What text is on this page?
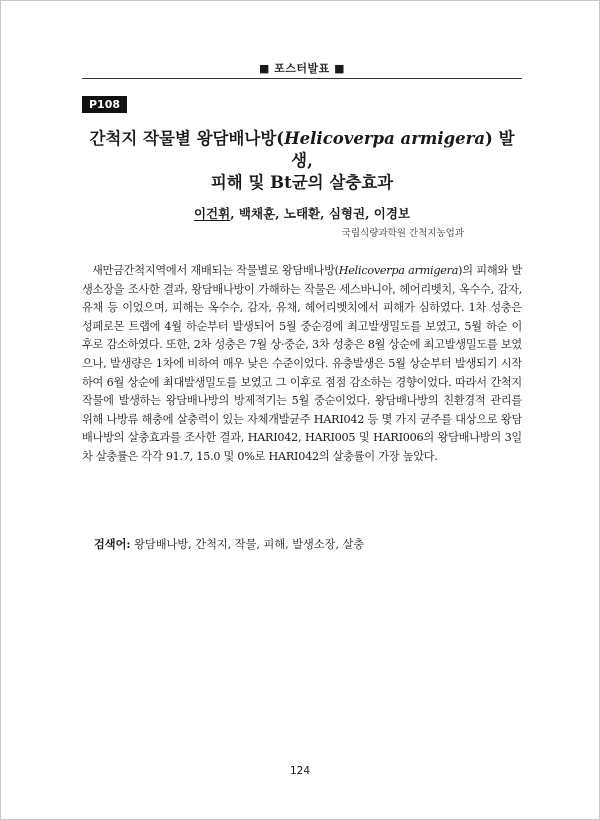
■ 포스터발표 ■
P108
간척지 작물별 왕담배나방(Helicoverpa armigera) 발생,
피해 및 Bt균의 살충효과
이건휘, 백채훈, 노태환, 심형권, 이경보
국립식량과학원 간척지농업과

새만금간척지역에서 재배되는 작물별로 왕담배나방(Helicoverpa armigera)의 피해와 발생소장을 조사한 결과, 왕담배나방이 가해하는 작물은 세스바니아, 헤어리벳치, 옥수수, 감자, 유채 등 이었으며, 피해는 옥수수, 감자, 유채, 헤어리벳치에서 피해가 심하였다. 1차 성충은 성페로몬 트랩에 4월 하순부터 발생되어 5월 중순경에 최고발생밀도를 보였고, 5월 하순 이후로 감소하였다. 또한, 2차 성충은 7월 상·중순, 3차 성충은 8월 상순에 최고발생밀도를 보였으나, 발생량은 1차에 비하여 매우 낮은 수준이었다. 유충발생은 5월 상순부터 발생되기 시작하여 6월 상순에 최대발생밀도를 보였고 그 이후로 점점 감소하는 경향이었다. 따라서 간척지 작물에 발생하는 왕담배나방의 방제적기는 5월 중순이었다. 왕담배나방의 친환경적 관리를 위해 나방류 해충에 살충력이 있는 자체개발균주 HARI042 등 몇 가지 균주를 대상으로 왕담배나방의 살충효과를 조사한 결과, HARI042, HARI005 및 HARI006의 왕담배나방의 3일차 살충률은 각각 91.7, 15.0 및 0%로 HARI042의 살충률이 가장 높았다.

검색어: 왕담배나방, 간척지, 작물, 피해, 발생소장, 살충
124
